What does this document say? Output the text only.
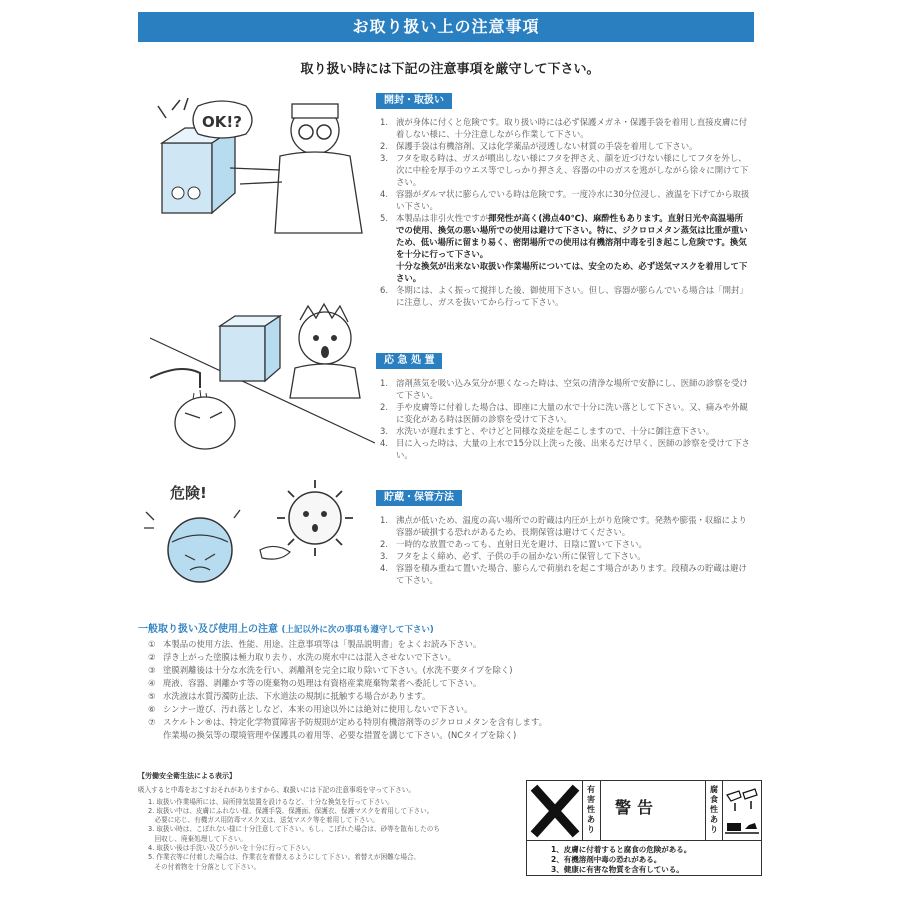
お取り扱い上の注意事項
取り扱い時には下記の注意事項を厳守して下さい。
OK!?
危険!
開封・取扱い
1. 液が身体に付くと危険です。取り扱い時には必ず保護メガネ・保護手袋を着用し直接皮膚に付着しない様に、十分注意しながら作業して下さい。
2. 保護手袋は有機溶剤、又は化学薬品が浸透しない材質の手袋を着用して下さい。
3. フタを取る時は、ガスが噴出しない様にフタを押さえ、顔を近づけない様にしてフタを外し、次に中栓を厚手のウエス等でしっかり押さえ、容器の中のガスを逃がしながら徐々に開けて下さい。
4. 容器がダルマ状に膨らんでいる時は危険です。一度冷水に30分位浸し、液温を下げてから取扱い下さい。
5. 本製品は非引火性ですが揮発性が高く(沸点40℃)、麻酔性もあります。直射日光や高温場所での使用、換気の悪い場所での使用は避けて下さい。特に、ジクロロメタン蒸気は比重が重いため、低い場所に留まり易く、密閉場所での使用は有機溶剤中毒を引き起こし危険です。換気を十分に行って下さい。
十分な換気が出来ない取扱い作業場所については、安全のため、必ず送気マスクを着用して下さい。
6. 冬期には、よく振って撹拌した後、御使用下さい。但し、容器が膨らんでいる場合は「開封」に注意し、ガスを抜いてから行って下さい。
応 急 処 置
1. 溶剤蒸気を吸い込み気分が悪くなった時は、空気の清浄な場所で安静にし、医師の診察を受けて下さい。
2. 手や皮膚等に付着した場合は、即座に大量の水で十分に洗い落として下さい。又、痛みや外観に変化がある時は医師の診察を受けて下さい。
3. 水洗いが遅れますと、やけどと同様な炎症を起こしますので、十分に御注意下さい。
4. 目に入った時は、大量の上水で15分以上洗った後、出来るだけ早く、医師の診察を受けて下さい。
貯蔵・保管方法
1. 沸点が低いため、温度の高い場所での貯蔵は内圧が上がり危険です。発熱や膨張・収縮により容器が破損する恐れがあるため、長期保管は避けてください。
2. 一時的な放置であっても、直射日光を避け、日陰に置いて下さい。
3. フタをよく締め、必ず、子供の手の届かない所に保管して下さい。
4. 容器を積み重ねて置いた場合、膨らんで荷崩れを起こす場合があります。段積みの貯蔵は避けて下さい。
一般取り扱い及び使用上の注意 (上記以外に次の事項も遵守して下さい)
① 本製品の使用方法、性能、用途、注意事項等は「製品説明書」をよくお読み下さい。
② 浮き上がった塗膜は極力取り去り、水洗の廃水中には混入させないで下さい。
③ 塗膜剥離後は十分な水洗を行い、剥離剤を完全に取り除いて下さい。(水洗不要タイプを除く)
④ 廃液、容器、剥離かす等の廃棄物の処理は有資格産業廃棄物業者へ委託して下さい。
⑤ 水洗液は水質汚濁防止法、下水道法の規制に抵触する場合があります。
⑥ シンナー遊び、汚れ落としなど、本来の用途以外には絶対に使用しないで下さい。
⑦ スケルトン®は、特定化学物質障害予防規則が定める特別有機溶剤等のジクロロメタンを含有します。
作業場の換気等の環境管理や保護具の着用等、必要な措置を講じて下さい。(NCタイプを除く)
【労働安全衛生法による表示】
吸入すると中毒をおこすおそれがありますから、取扱いには下記の注意事項を守って下さい。
1. 取扱い作業場所には、局所排気装置を設けるなど、十分な換気を行って下さい。
2. 取扱い中は、皮膚にふれない様、保護手袋、保護面、保護衣、保護マスクを着用して下さい。
　必要に応じ、有機ガス用防毒マスク又は、送気マスク等を着用して下さい。
3. 取扱い時は、こぼれない様に十分注意して下さい。もし、こぼれた場合は、砂等を散布したのち
　回収し、廃棄処理して下さい。
4. 取扱い後は手洗い及びうがいを十分に行って下さい。
5. 作業衣等に付着した場合は、作業衣を着替えるようにして下さい。着替えが困難な場合、
　その付着物を十分落として下さい。
有害性あり
警告
腐食性あり
1、皮膚に付着すると腐食の危険がある。
2、有機溶剤中毒の恐れがある。
3、健康に有害な物質を含有している。
